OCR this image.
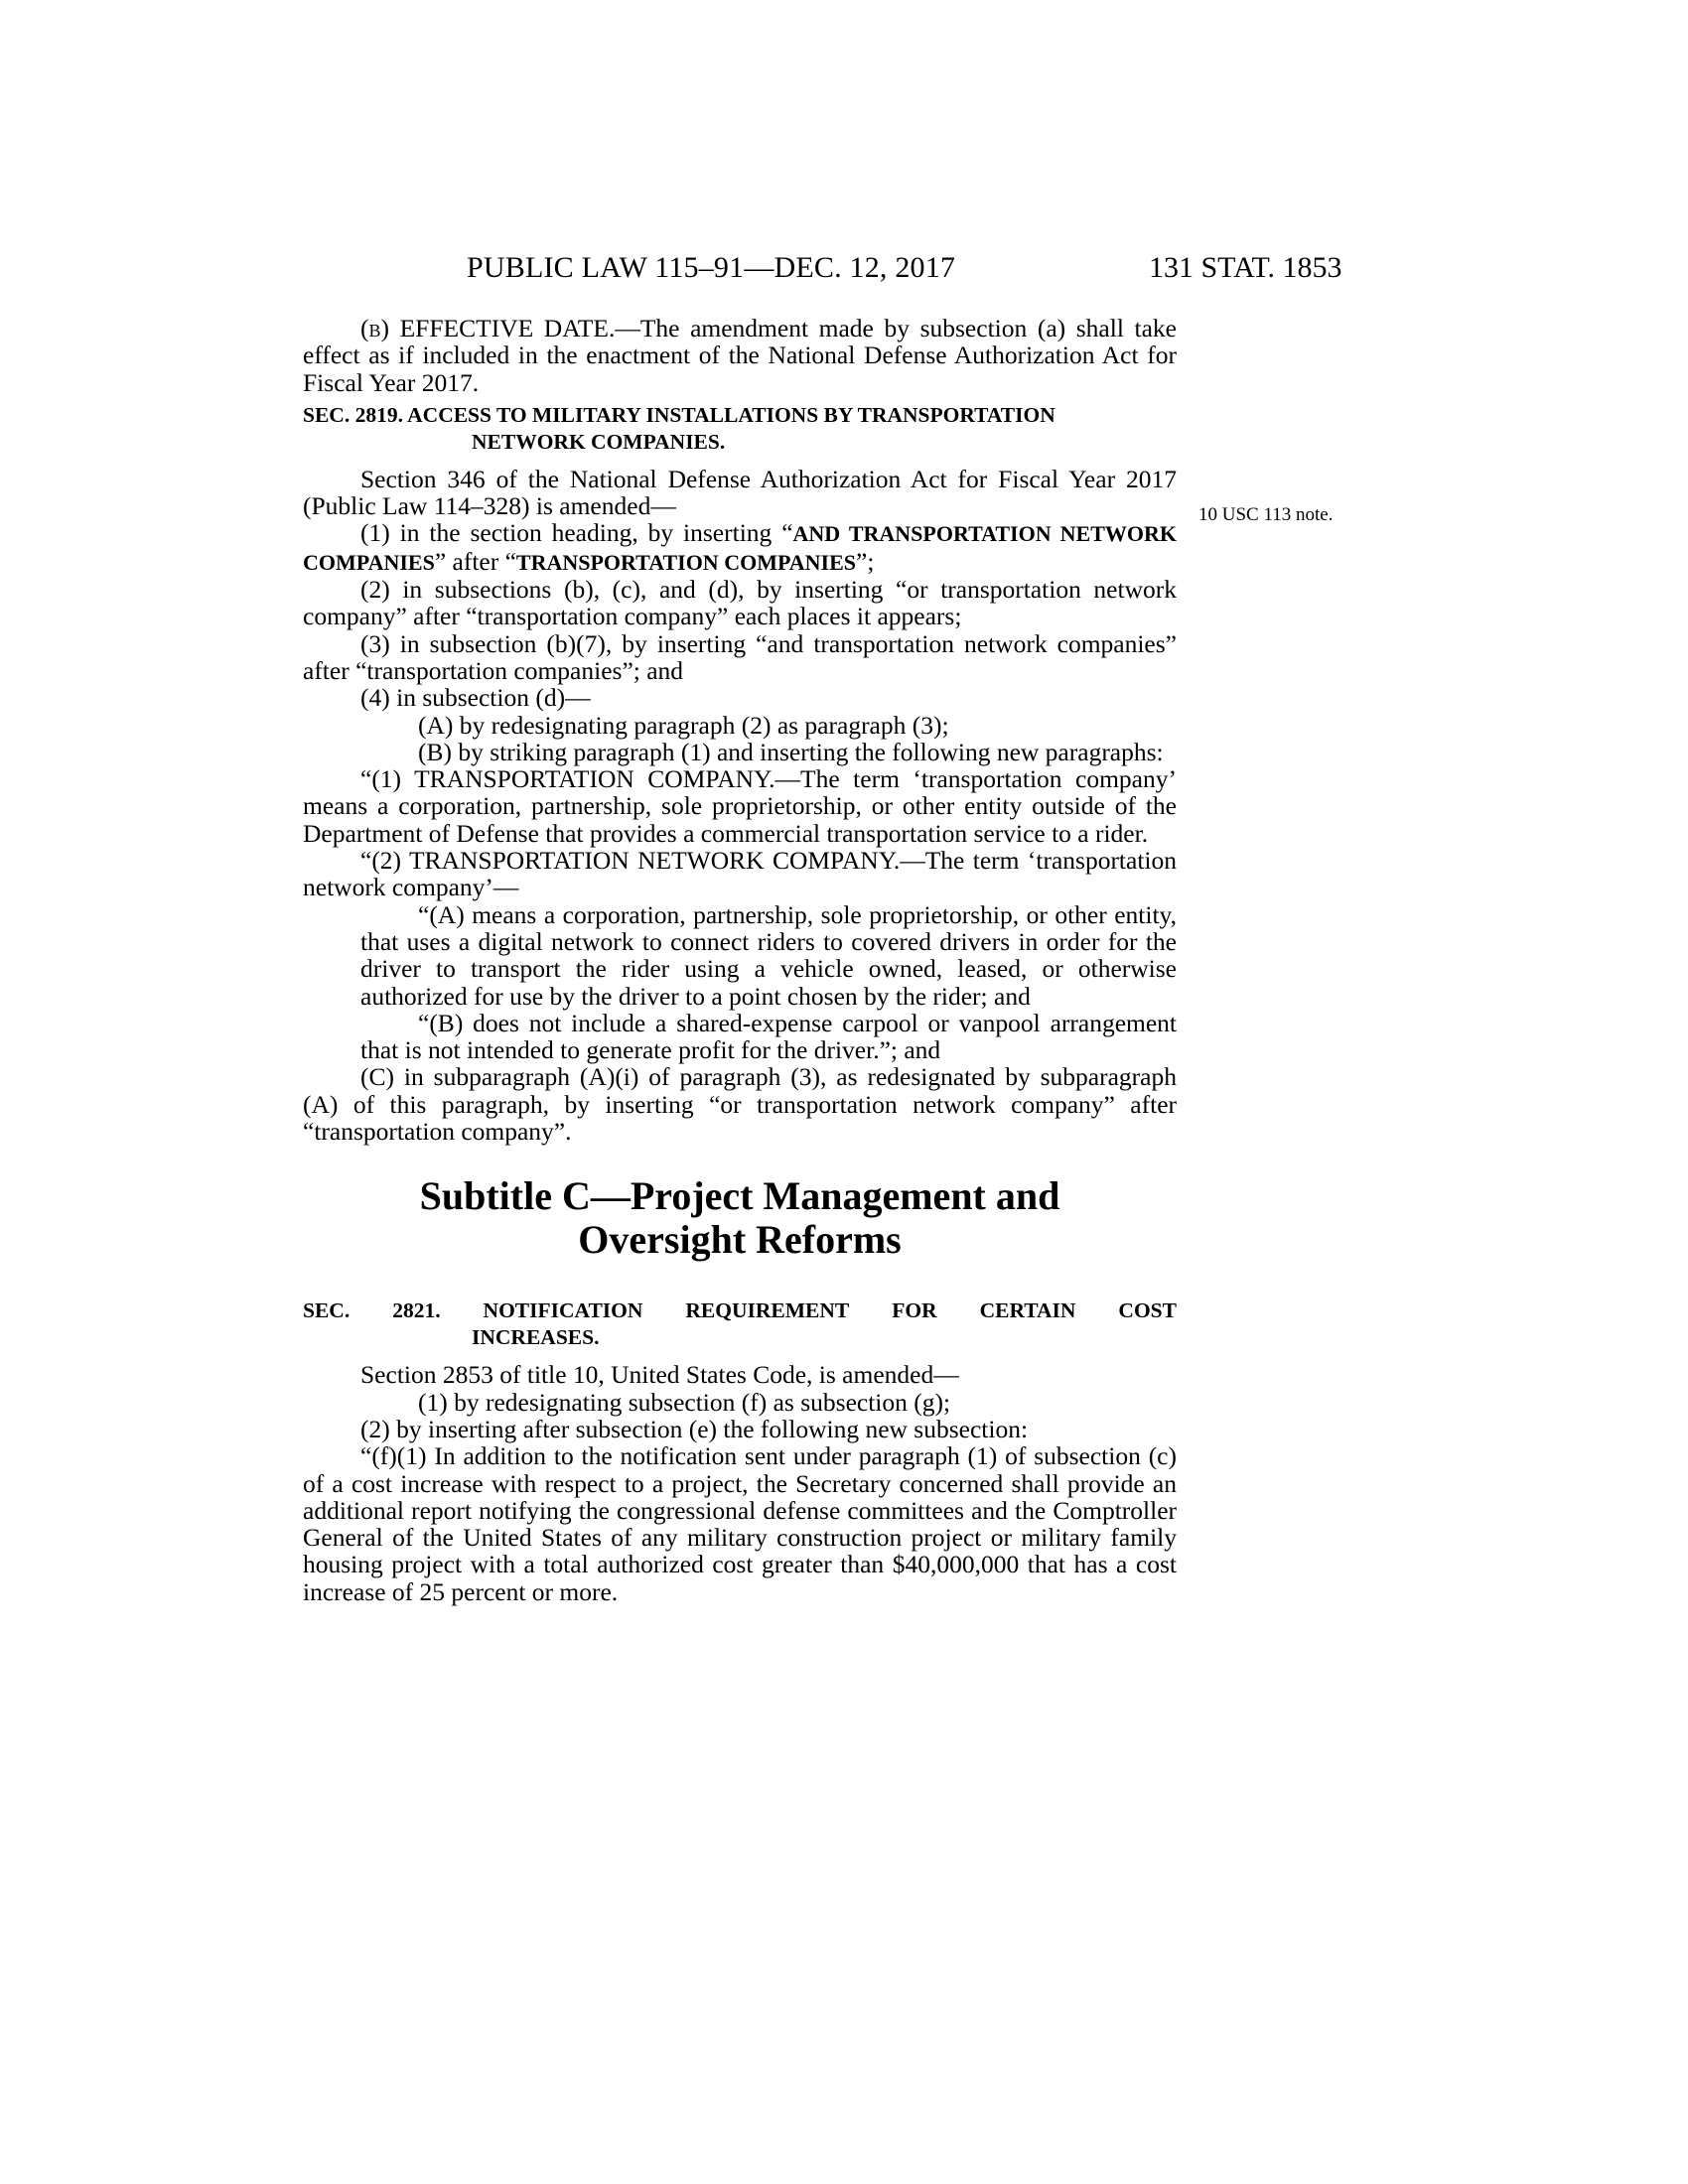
PUBLIC LAW 115–91—DEC. 12, 2017	131 STAT. 1853
10 USC 113 note.

(b) EFFECTIVE DATE.—The amendment made by subsection (a) shall take effect as if included in the enactment of the National Defense Authorization Act for Fiscal Year 2017.

SEC. 2819. ACCESS TO MILITARY INSTALLATIONS BY TRANSPORTATION
NETWORK COMPANIES.

Section 346 of the National Defense Authorization Act for Fiscal Year 2017 (Public Law 114–328) is amended—

(1) in the section heading, by inserting “AND TRANSPORTATION NETWORK COMPANIES” after “TRANSPORTATION COMPANIES”;

(2) in subsections (b), (c), and (d), by inserting “or transportation network company” after “transportation company” each places it appears;

(3) in subsection (b)(7), by inserting “and transportation network companies” after “transportation companies”; and

(4) in subsection (d)—

(A) by redesignating paragraph (2) as paragraph (3);

(B) by striking paragraph (1) and inserting the following new paragraphs:

“(1) TRANSPORTATION COMPANY.—The term ‘transportation company’ means a corporation, partnership, sole proprietorship, or other entity outside of the Department of Defense that provides a commercial transportation service to a rider.

“(2) TRANSPORTATION NETWORK COMPANY.—The term ‘transportation network company’—

“(A) means a corporation, partnership, sole proprietorship, or other entity, that uses a digital network to connect riders to covered drivers in order for the driver to transport the rider using a vehicle owned, leased, or otherwise authorized for use by the driver to a point chosen by the rider; and

“(B) does not include a shared-expense carpool or vanpool arrangement that is not intended to generate profit for the driver.”; and

(C) in subparagraph (A)(i) of paragraph (3), as redesignated by subparagraph (A) of this paragraph, by inserting “or transportation network company” after “transportation company”.

Subtitle C—Project Management and
Oversight Reforms

SEC. 2821. NOTIFICATION REQUIREMENT FOR CERTAIN COST
INCREASES.

Section 2853 of title 10, United States Code, is amended—

(1) by redesignating subsection (f) as subsection (g);

(2) by inserting after subsection (e) the following new subsection:

“(f)(1) In addition to the notification sent under paragraph (1) of subsection (c) of a cost increase with respect to a project, the Secretary concerned shall provide an additional report notifying the congressional defense committees and the Comptroller General of the United States of any military construction project or military family housing project with a total authorized cost greater than $40,000,000 that has a cost increase of 25 percent or more.
